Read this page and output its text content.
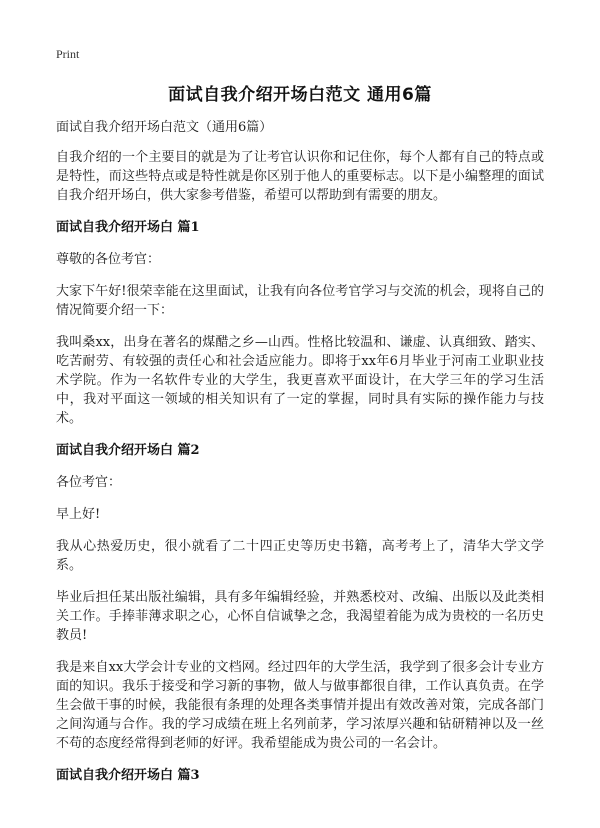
Print
面试自我介绍开场白范文 通用6篇

面试自我介绍开场白范文（通用6篇）

自我介绍的一个主要目的就是为了让考官认识你和记住你，每个人都有自己的特点或是特性，而这些特点或是特性就是你区别于他人的重要标志。以下是小编整理的面试自我介绍开场白，供大家参考借鉴，希望可以帮助到有需要的朋友。

面试自我介绍开场白 篇1

尊敬的各位考官：

大家下午好!很荣幸能在这里面试，让我有向各位考官学习与交流的机会，现将自己的情况简要介绍一下：

我叫桑xx，出身在著名的煤醋之乡—山西。性格比较温和、谦虚、认真细致、踏实、吃苦耐劳、有较强的责任心和社会适应能力。即将于xx年6月毕业于河南工业职业技术学院。作为一名软件专业的大学生，我更喜欢平面设计，在大学三年的学习生活中，我对平面这一领域的相关知识有了一定的掌握，同时具有实际的操作能力与技术。

面试自我介绍开场白 篇2

各位考官：

早上好!

我从心热爱历史，很小就看了二十四正史等历史书籍，高考考上了，清华大学文学系。

毕业后担任某出版社编辑，具有多年编辑经验，并熟悉校对、改编、出版以及此类相关工作。手捧菲薄求职之心，心怀自信诚挚之念，我渴望着能为成为贵校的一名历史教员!

我是来自xx大学会计专业的文档网。经过四年的大学生活，我学到了很多会计专业方面的知识。我乐于接受和学习新的事物，做人与做事都很自律，工作认真负责。在学生会做干事的时候，我能很有条理的处理各类事情并提出有效改善对策，完成各部门之间沟通与合作。我的学习成绩在班上名列前茅，学习浓厚兴趣和钻研精神以及一丝不苟的态度经常得到老师的好评。我希望能成为贵公司的一名会计。

面试自我介绍开场白 篇3
